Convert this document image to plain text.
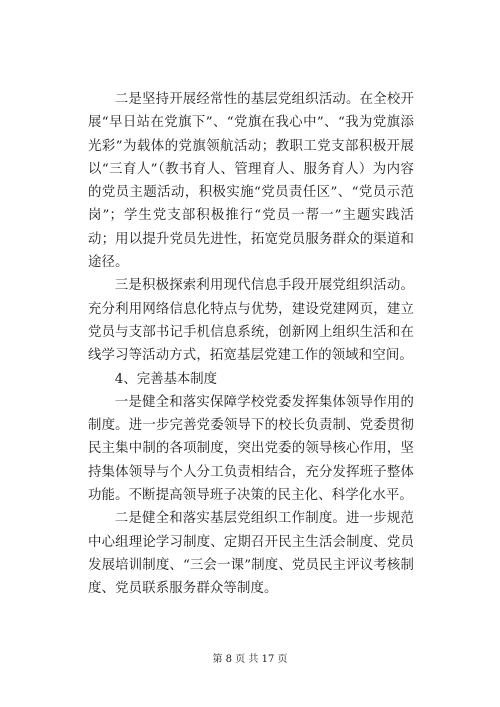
二是坚持开展经常性的基层党组织活动。在全校开展“早日站在党旗下”、“党旗在我心中”、“我为党旗添光彩”为载体的党旗领航活动；教职工党支部积极开展以“三育人”（教书育人、管理育人、服务育人）为内容的党员主题活动，积极实施“党员责任区”、“党员示范岗”；学生党支部积极推行“党员一帮一”主题实践活动；用以提升党员先进性，拓宽党员服务群众的渠道和途径。

三是积极探索利用现代信息手段开展党组织活动。充分利用网络信息化特点与优势，建设党建网页，建立党员与支部书记手机信息系统，创新网上组织生活和在线学习等活动方式，拓宽基层党建工作的领域和空间。

4、完善基本制度

一是健全和落实保障学校党委发挥集体领导作用的制度。进一步完善党委领导下的校长负责制、党委贯彻民主集中制的各项制度，突出党委的领导核心作用，坚持集体领导与个人分工负责相结合，充分发挥班子整体功能。不断提高领导班子决策的民主化、科学化水平。

二是健全和落实基层党组织工作制度。进一步规范中心组理论学习制度、定期召开民主生活会制度、党员发展培训制度、“三会一课”制度、党员民主评议考核制度、党员联系服务群众等制度。

第 8 页 共 17 页
